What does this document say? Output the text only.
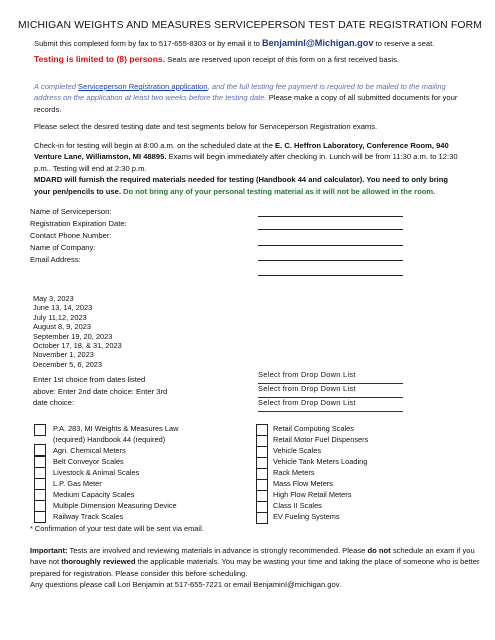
MICHIGAN WEIGHTS AND MEASURES SERVICEPERSON TEST DATE REGISTRATION FORM
Submit this completed form by fax to 517-655-8303 or by email it to BenjaminI@Michigan.gov to reserve a seat.
Testing is limited to (8) persons. Seats are reserved upon receipt of this form on a first received basis.
A completed Serviceperson Registration application, and the full testing fee payment is required to be mailed to the mailing address on the application at least two weeks before the testing date. Please make a copy of all submitted documents for your records.
Please select the desired testing date and test segments below for Serviceperson Registration exams.
Check-in for testing will begin at 8:00 a.m. on the scheduled date at the E. C. Heffron Laboratory, Conference Room, 940 Venture Lane, Williamston, MI 48895. Exams will begin immediately after checking in. Lunch will be from 11:30 a.m. to 12:30 p.m.. Testing will end at 2:30 p.m.
MDARD will furnish the required materials needed for testing (Handbook 44 and calculator). You need to only bring
your pen/pencils to use. Do not bring any of your personal testing material as it will not be allowed in the room.
Name of Serviceperson:
Registration Expiration Date:
Contact Phone Number:
Name of Company:
Email Address:
May 3, 2023
June 13, 14, 2023
July 11,12, 2023
August 8, 9, 2023
September 19, 20, 2023
October 17, 18, & 31, 2023
November 1, 2023
December 5, 6, 2023
Enter 1st choice from dates listed above: Enter 2nd date choice: Enter 3rd date choice:
Select from Drop Down List
Select from Drop Down List
Select from Drop Down List
P.A. 283, MI Weights & Measures Law
(required) Handbook 44 (required)
Agri. Chemical Meters
Belt Conveyor Scales
Livestock & Animal Scales
L.P. Gas Meter
Medium Capacity Scales
Multiple Dimension Measuring Device
Railway Track Scales
Retail Computing Scales
Retail Motor Fuel Dispensers
Vehicle Scales
Vehicle Tank Meters Loading
Rack Meters
Mass Flow Meters
High Flow Retail Meters
Class II Scales
EV Fueling Systems
* Confirmation of your test date will be sent via email.
Important: Tests are involved and reviewing materials in advance is strongly recommended. Please do not schedule an exam if you have not thoroughly reviewed the applicable materials. You may be wasting your time and taking the place of someone who is better prepared for registration. Please consider this before scheduling.
Any questions please call Lori Benjamin at 517-655-7221 or email BenjaminI@michigan.gov.
